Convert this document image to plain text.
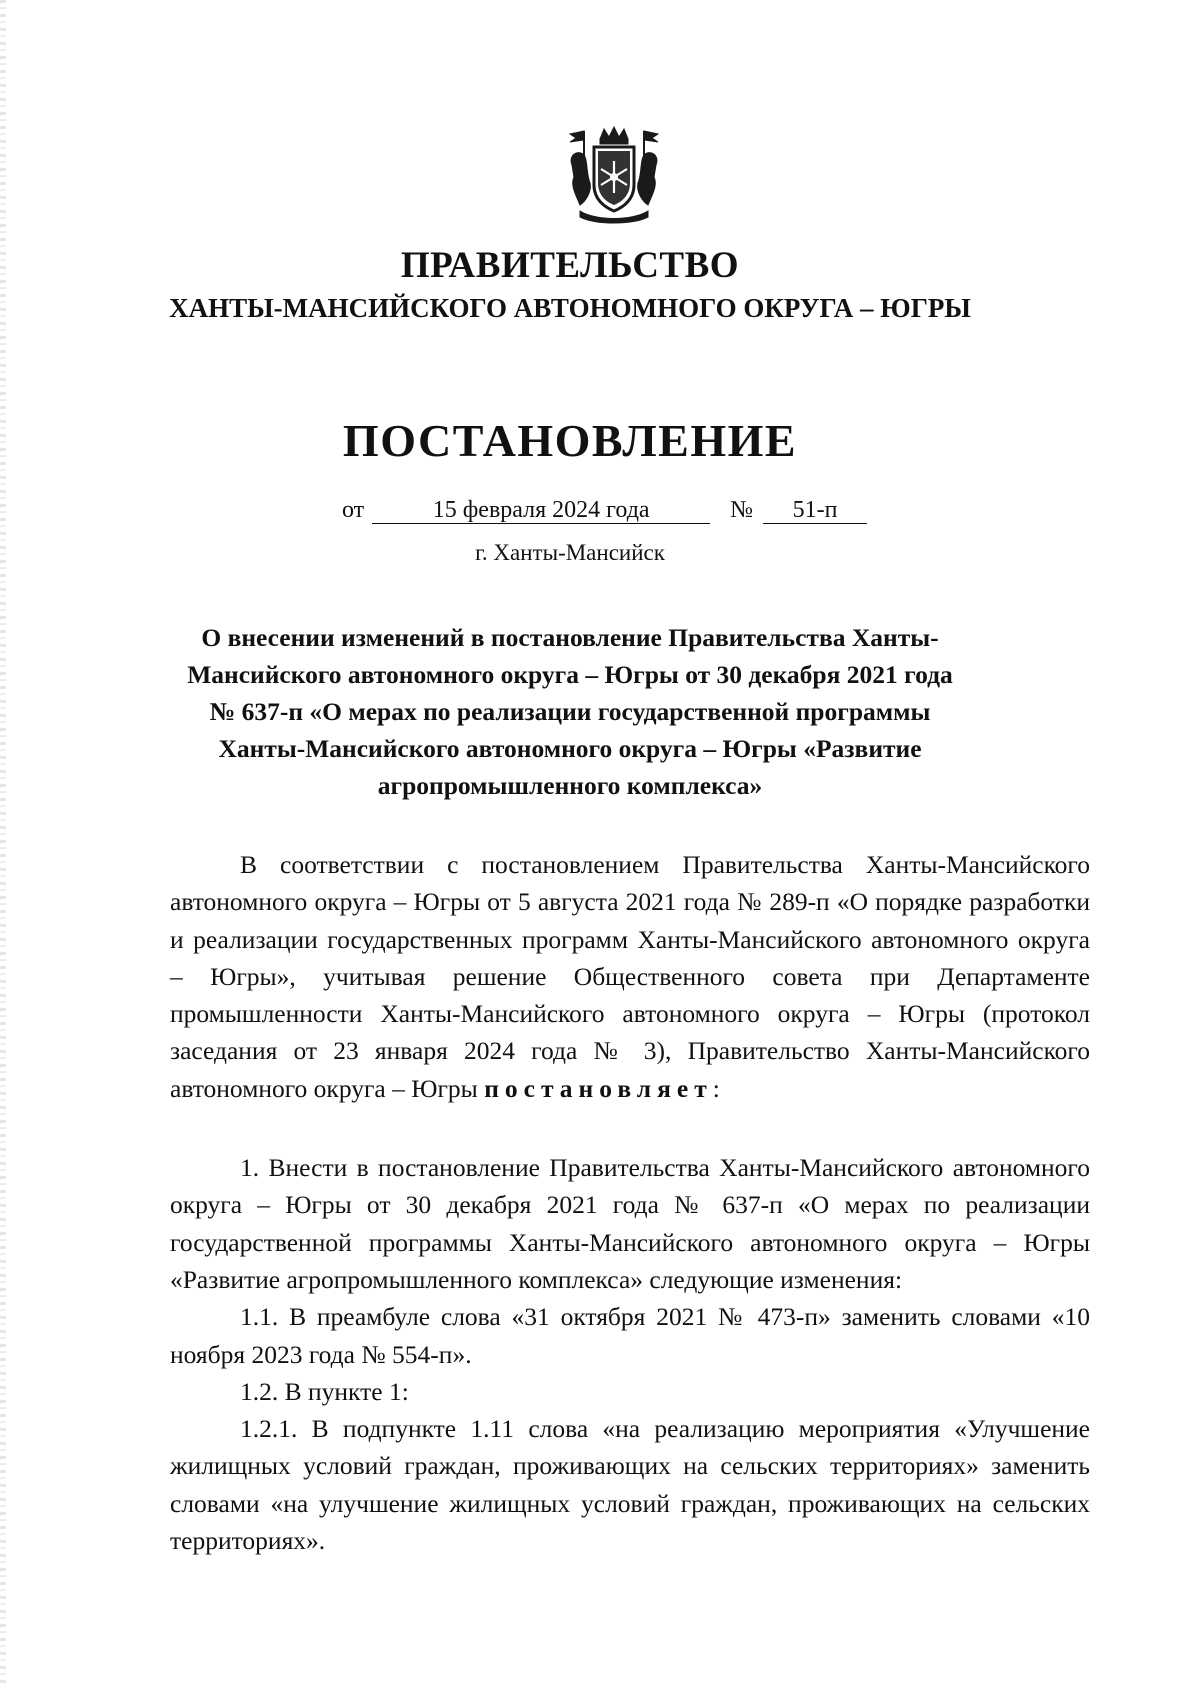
ПРАВИТЕЛЬСТВО
ХАНТЫ-МАНСИЙСКОГО АВТОНОМНОГО ОКРУГА – ЮГРЫ
ПОСТАНОВЛЕНИЕ
от	15 февраля 2024 года	№ 51-п
г. Ханты-Мансийск
О внесении изменений в постановление Правительства Ханты-Мансийского автономного округа – Югры от 30 декабря 2021 года № 637-п «О мерах по реализации государственной программы Ханты-Мансийского автономного округа – Югры «Развитие агропромышленного комплекса»

В соответствии с постановлением Правительства Ханты-Мансийского автономного округа – Югры от 5 августа 2021 года № 289-п «О порядке разработки и реализации государственных программ Ханты-Мансийского автономного округа – Югры», учитывая решение Общественного совета при Департаменте промышленности Ханты-Мансийского автономного округа – Югры (протокол заседания от 23 января 2024 года № 3), Правительство Ханты-Мансийского автономного округа – Югры постановляет:

1. Внести в постановление Правительства Ханты-Мансийского автономного округа – Югры от 30 декабря 2021 года № 637-п «О мерах по реализации государственной программы Ханты-Мансийского автономного округа – Югры «Развитие агропромышленного комплекса» следующие изменения:

1.1. В преамбуле слова «31 октября 2021 № 473-п» заменить словами «10 ноября 2023 года № 554-п».

1.2. В пункте 1:

1.2.1. В подпункте 1.11 слова «на реализацию мероприятия «Улучшение жилищных условий граждан, проживающих на сельских территориях» заменить словами «на улучшение жилищных условий граждан, проживающих на сельских территориях».
